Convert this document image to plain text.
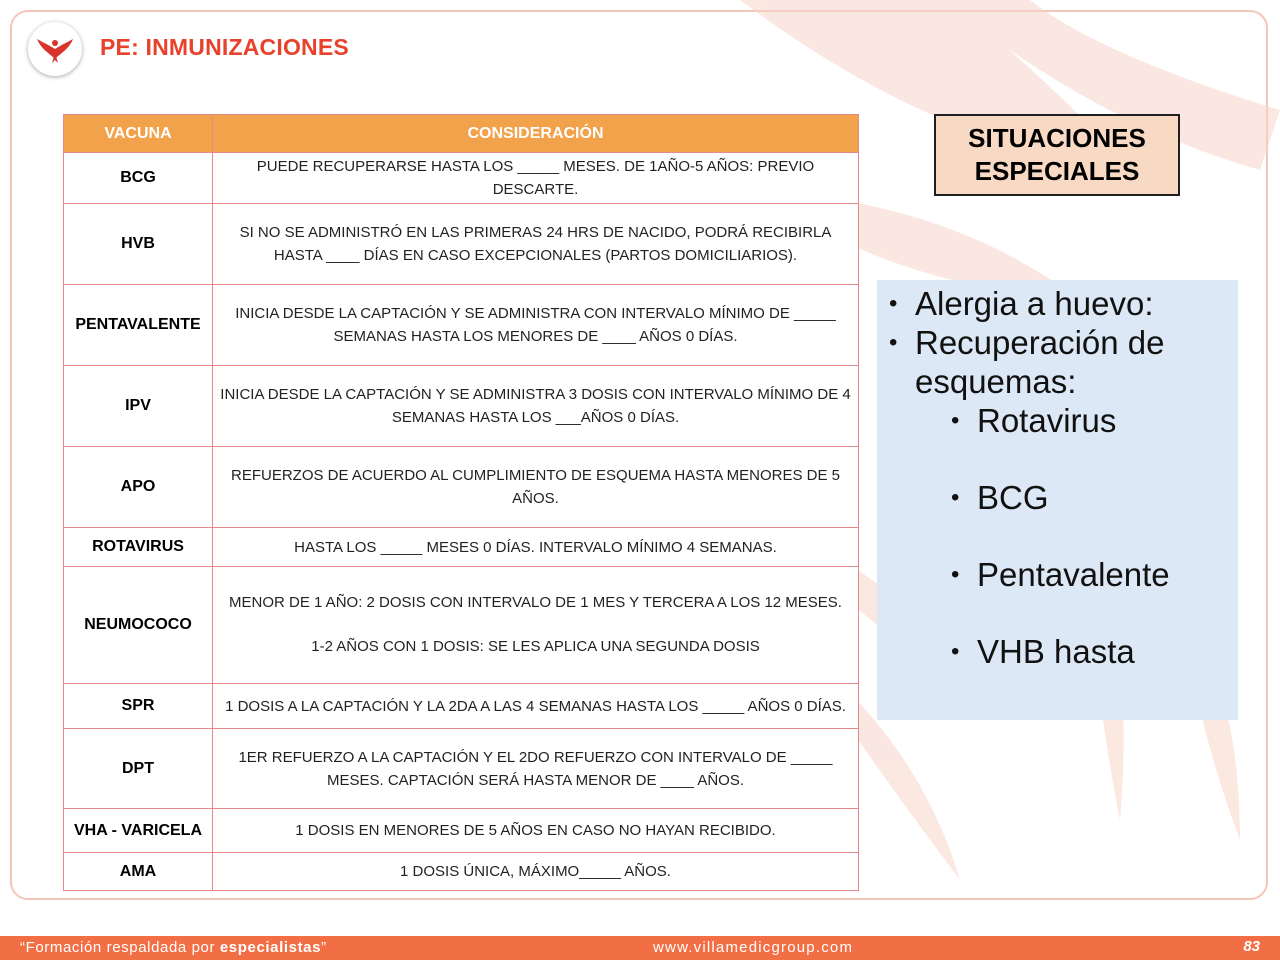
PE: INMUNIZACIONES
VACUNA	CONSIDERACIÓN
BCG	PUEDE RECUPERARSE HASTA LOS _____ MESES. DE 1AÑO-5 AÑOS: PREVIO DESCARTE.
HVB	SI NO SE ADMINISTRÓ EN LAS PRIMERAS 24 HRS DE NACIDO, PODRÁ RECIBIRLA HASTA ____ DÍAS EN CASO EXCEPCIONALES (PARTOS DOMICILIARIOS).
PENTAVALENTE	INICIA DESDE LA CAPTACIÓN Y SE ADMINISTRA CON INTERVALO MÍNIMO DE _____ SEMANAS HASTA LOS MENORES DE ____ AÑOS 0 DÍAS.
IPV	INICIA DESDE LA CAPTACIÓN Y SE ADMINISTRA 3 DOSIS CON INTERVALO MÍNIMO DE 4 SEMANAS HASTA LOS ___AÑOS 0 DÍAS.
APO	REFUERZOS DE ACUERDO AL CUMPLIMIENTO DE ESQUEMA HASTA MENORES DE 5 AÑOS.
ROTAVIRUS	HASTA LOS _____ MESES 0 DÍAS. INTERVALO MÍNIMO 4 SEMANAS.
NEUMOCOCO	MENOR DE 1 AÑO: 2 DOSIS CON INTERVALO DE 1 MES Y TERCERA A LOS 12 MESES.

1-2 AÑOS CON 1 DOSIS: SE LES APLICA UNA SEGUNDA DOSIS
SPR	1 DOSIS A LA CAPTACIÓN Y LA 2DA A LAS 4 SEMANAS HASTA LOS _____ AÑOS 0 DÍAS.
DPT	1ER REFUERZO A LA CAPTACIÓN Y EL 2DO REFUERZO CON INTERVALO DE _____ MESES. CAPTACIÓN SERÁ HASTA MENOR DE ____ AÑOS.
VHA - VARICELA	1 DOSIS EN MENORES DE 5 AÑOS EN CASO NO HAYAN RECIBIDO.
AMA	1 DOSIS ÚNICA, MÁXIMO_____ AÑOS.
SITUACIONES
ESPECIALES
• Alergia a huevo:
• Recuperación de esquemas:
• Rotavirus
• BCG
• Pentavalente
• VHB hasta
“Formación respaldada por especialistas”	www.villamedicgroup.com	83
